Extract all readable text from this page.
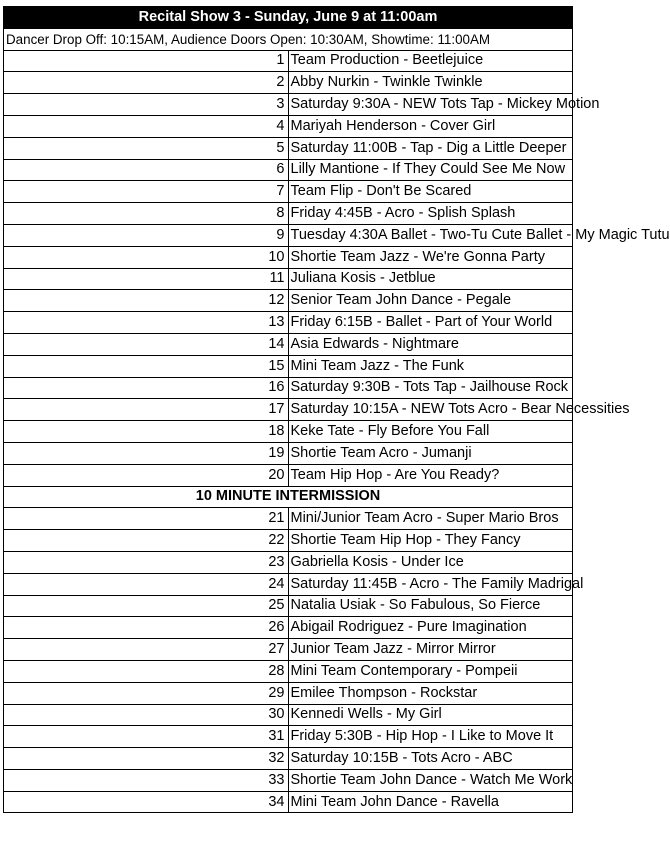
Recital Show 3 - Sunday, June 9 at 11:00am	
Dancer Drop Off: 10:15AM, Audience Doors Open: 10:30AM, Showtime: 11:00AM	
1	Team Production - Beetlejuice
2	Abby Nurkin - Twinkle Twinkle
3	Saturday 9:30A - NEW Tots Tap - Mickey Motion
4	Mariyah Henderson - Cover Girl
5	Saturday 11:00B - Tap - Dig a Little Deeper
6	Lilly Mantione - If They Could See Me Now
7	Team Flip - Don't Be Scared
8	Friday 4:45B - Acro - Splish Splash
9	Tuesday 4:30A Ballet - Two-Tu Cute Ballet - My Magic Tutu
10	Shortie Team Jazz - We're Gonna Party
11	Juliana Kosis - Jetblue
12	Senior Team John Dance - Pegale
13	Friday 6:15B - Ballet - Part of Your World
14	Asia Edwards - Nightmare
15	Mini Team Jazz - The Funk
16	Saturday 9:30B - Tots Tap - Jailhouse Rock
17	Saturday 10:15A - NEW Tots Acro - Bear Necessities
18	Keke Tate - Fly Before You Fall
19	Shortie Team Acro - Jumanji
20	Team Hip Hop - Are You Ready?
10 MINUTE INTERMISSION	
21	Mini/Junior Team Acro - Super Mario Bros
22	Shortie Team Hip Hop - They Fancy
23	Gabriella Kosis - Under Ice
24	Saturday 11:45B - Acro - The Family Madrigal
25	Natalia Usiak - So Fabulous, So Fierce
26	Abigail Rodriguez - Pure Imagination
27	Junior Team Jazz - Mirror Mirror
28	Mini Team Contemporary - Pompeii
29	Emilee Thompson - Rockstar
30	Kennedi Wells - My Girl
31	Friday 5:30B - Hip Hop - I Like to Move It
32	Saturday 10:15B - Tots Acro - ABC
33	Shortie Team John Dance - Watch Me Work
34	Mini Team John Dance - Ravella
